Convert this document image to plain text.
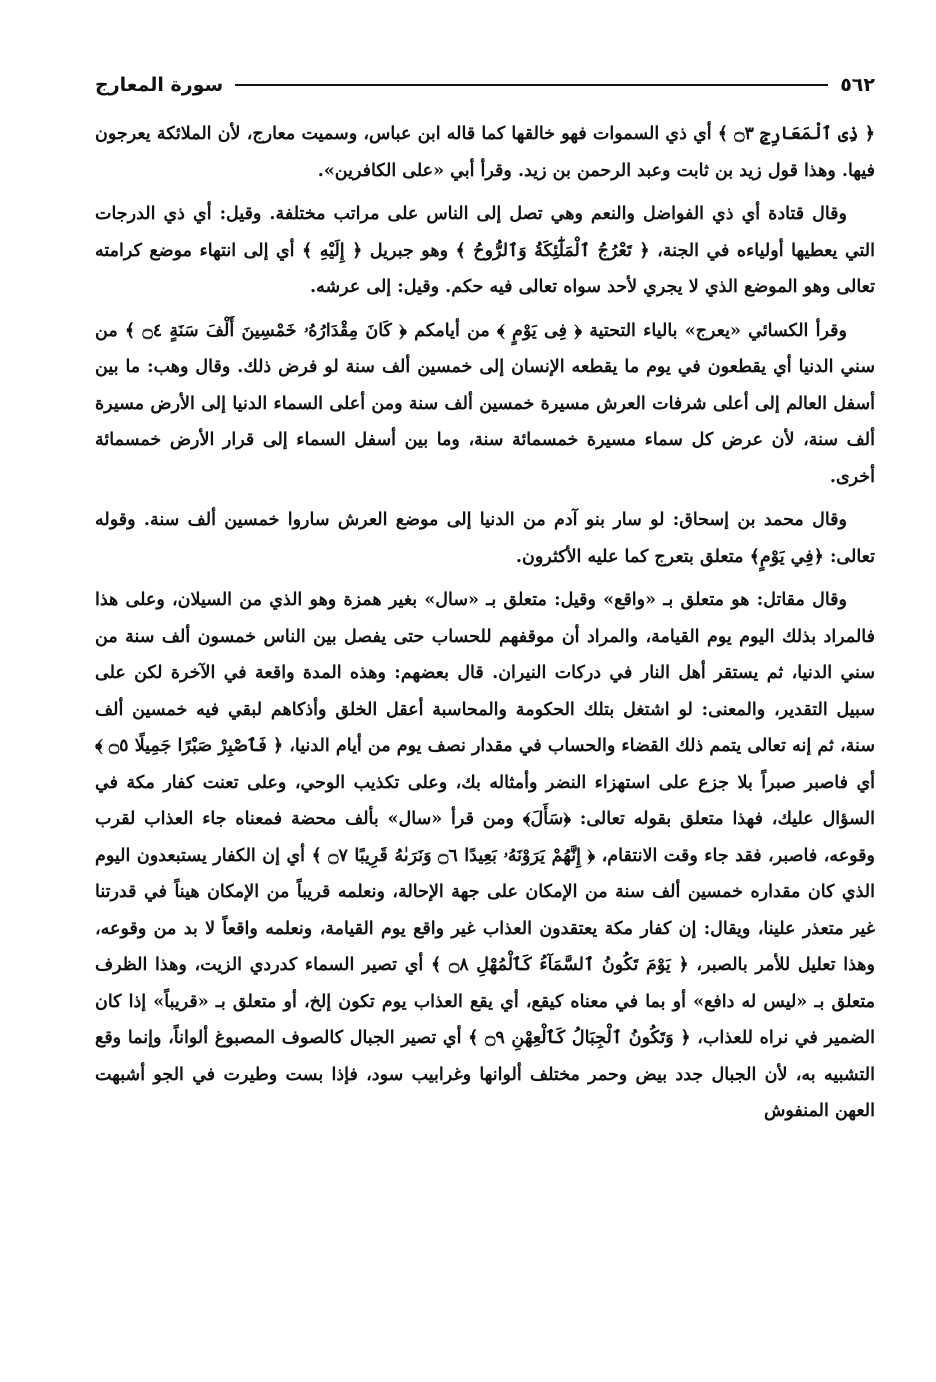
٥٦٢
سورة المعارج

﴿ ذِى ٱلْمَعَارِجِ ۝٣ ﴾ أي ذي السموات فهو خالقها كما قاله ابن عباس، وسميت معارج، لأن الملائكة يعرجون فيها. وهذا قول زيد بن ثابت وعبد الرحمن بن زيد. وقرأ أبي «على الكافرين».

وقال قتادة أي ذي الفواضل والنعم وهي تصل إلى الناس على مراتب مختلفة. وقيل: أي ذي الدرجات التي يعطيها أولياءه في الجنة، ﴿ تَعْرُجُ ٱلْمَلَٰٓئِكَةُ وَٱلرُّوحُ ﴾ وهو جبريل ﴿ إِلَيْهِ ﴾ أي إلى انتهاء موضع كرامته تعالى وهو الموضع الذي لا يجري لأحد سواه تعالى فيه حكم. وقيل: إلى عرشه.

وقرأ الكسائي «يعرج» بالياء التحتية ﴿ فِى يَوْمٍ ﴾ من أيامكم ﴿ كَانَ مِقْدَارُهُۥ خَمْسِينَ أَلْفَ سَنَةٍ ۝٤ ﴾ من سني الدنيا أي يقطعون في يوم ما يقطعه الإنسان إلى خمسين ألف سنة لو فرض ذلك. وقال وهب: ما بين أسفل العالم إلى أعلى شرفات العرش مسيرة خمسين ألف سنة ومن أعلى السماء الدنيا إلى الأرض مسيرة ألف سنة، لأن عرض كل سماء مسيرة خمسمائة سنة، وما بين أسفل السماء إلى قرار الأرض خمسمائة أخرى.

وقال محمد بن إسحاق: لو سار بنو آدم من الدنيا إلى موضع العرش ساروا خمسين ألف سنة. وقوله تعالى: ﴿فِي يَوْمٍ﴾ متعلق بتعرج كما عليه الأكثرون.

وقال مقاتل: هو متعلق بـ «واقع» وقيل: متعلق بـ «سال» بغير همزة وهو الذي من السيلان، وعلى هذا فالمراد بذلك اليوم يوم القيامة، والمراد أن موقفهم للحساب حتى يفصل بين الناس خمسون ألف سنة من سني الدنيا، ثم يستقر أهل النار في دركات النيران. قال بعضهم: وهذه المدة واقعة في الآخرة لكن على سبيل التقدير، والمعنى: لو اشتغل بتلك الحكومة والمحاسبة أعقل الخلق وأذكاهم لبقي فيه خمسين ألف سنة، ثم إنه تعالى يتمم ذلك القضاء والحساب في مقدار نصف يوم من أيام الدنيا، ﴿ فَٱصْبِرْ صَبْرًا جَمِيلًا ۝٥ ﴾ أي فاصبر صبراً بلا جزع على استهزاء النضر وأمثاله بك، وعلى تكذيب الوحي، وعلى تعنت كفار مكة في السؤال عليك، فهذا متعلق بقوله تعالى: ﴿سَأَلَ﴾ ومن قرأ «سال» بألف محضة فمعناه جاء العذاب لقرب وقوعه، فاصبر، فقد جاء وقت الانتقام، ﴿ إِنَّهُمْ يَرَوْنَهُۥ بَعِيدًا ۝٦ وَنَرَىٰهُ قَرِيبًا ۝٧ ﴾ أي إن الكفار يستبعدون اليوم الذي كان مقداره خمسين ألف سنة من الإمكان على جهة الإحالة، ونعلمه قريباً من الإمكان هيناً في قدرتنا غير متعذر علينا، ويقال: إن كفار مكة يعتقدون العذاب غير واقع يوم القيامة، ونعلمه واقعاً لا بد من وقوعه، وهذا تعليل للأمر بالصبر، ﴿ يَوْمَ تَكُونُ ٱلسَّمَآءُ كَٱلْمُهْلِ ۝٨ ﴾ أي تصير السماء كدردي الزيت، وهذا الظرف متعلق بـ «ليس له دافع» أو بما في معناه كيقع، أي يقع العذاب يوم تكون إلخ، أو متعلق بـ «قريباً» إذا كان الضمير في نراه للعذاب، ﴿ وَتَكُونُ ٱلْجِبَالُ كَٱلْعِهْنِ ۝٩ ﴾ أي تصير الجبال كالصوف المصبوغ ألواناً، وإنما وقع التشبيه به، لأن الجبال جدد بيض وحمر مختلف ألوانها وغرابيب سود، فإذا بست وطيرت في الجو أشبهت العهن المنفوش
